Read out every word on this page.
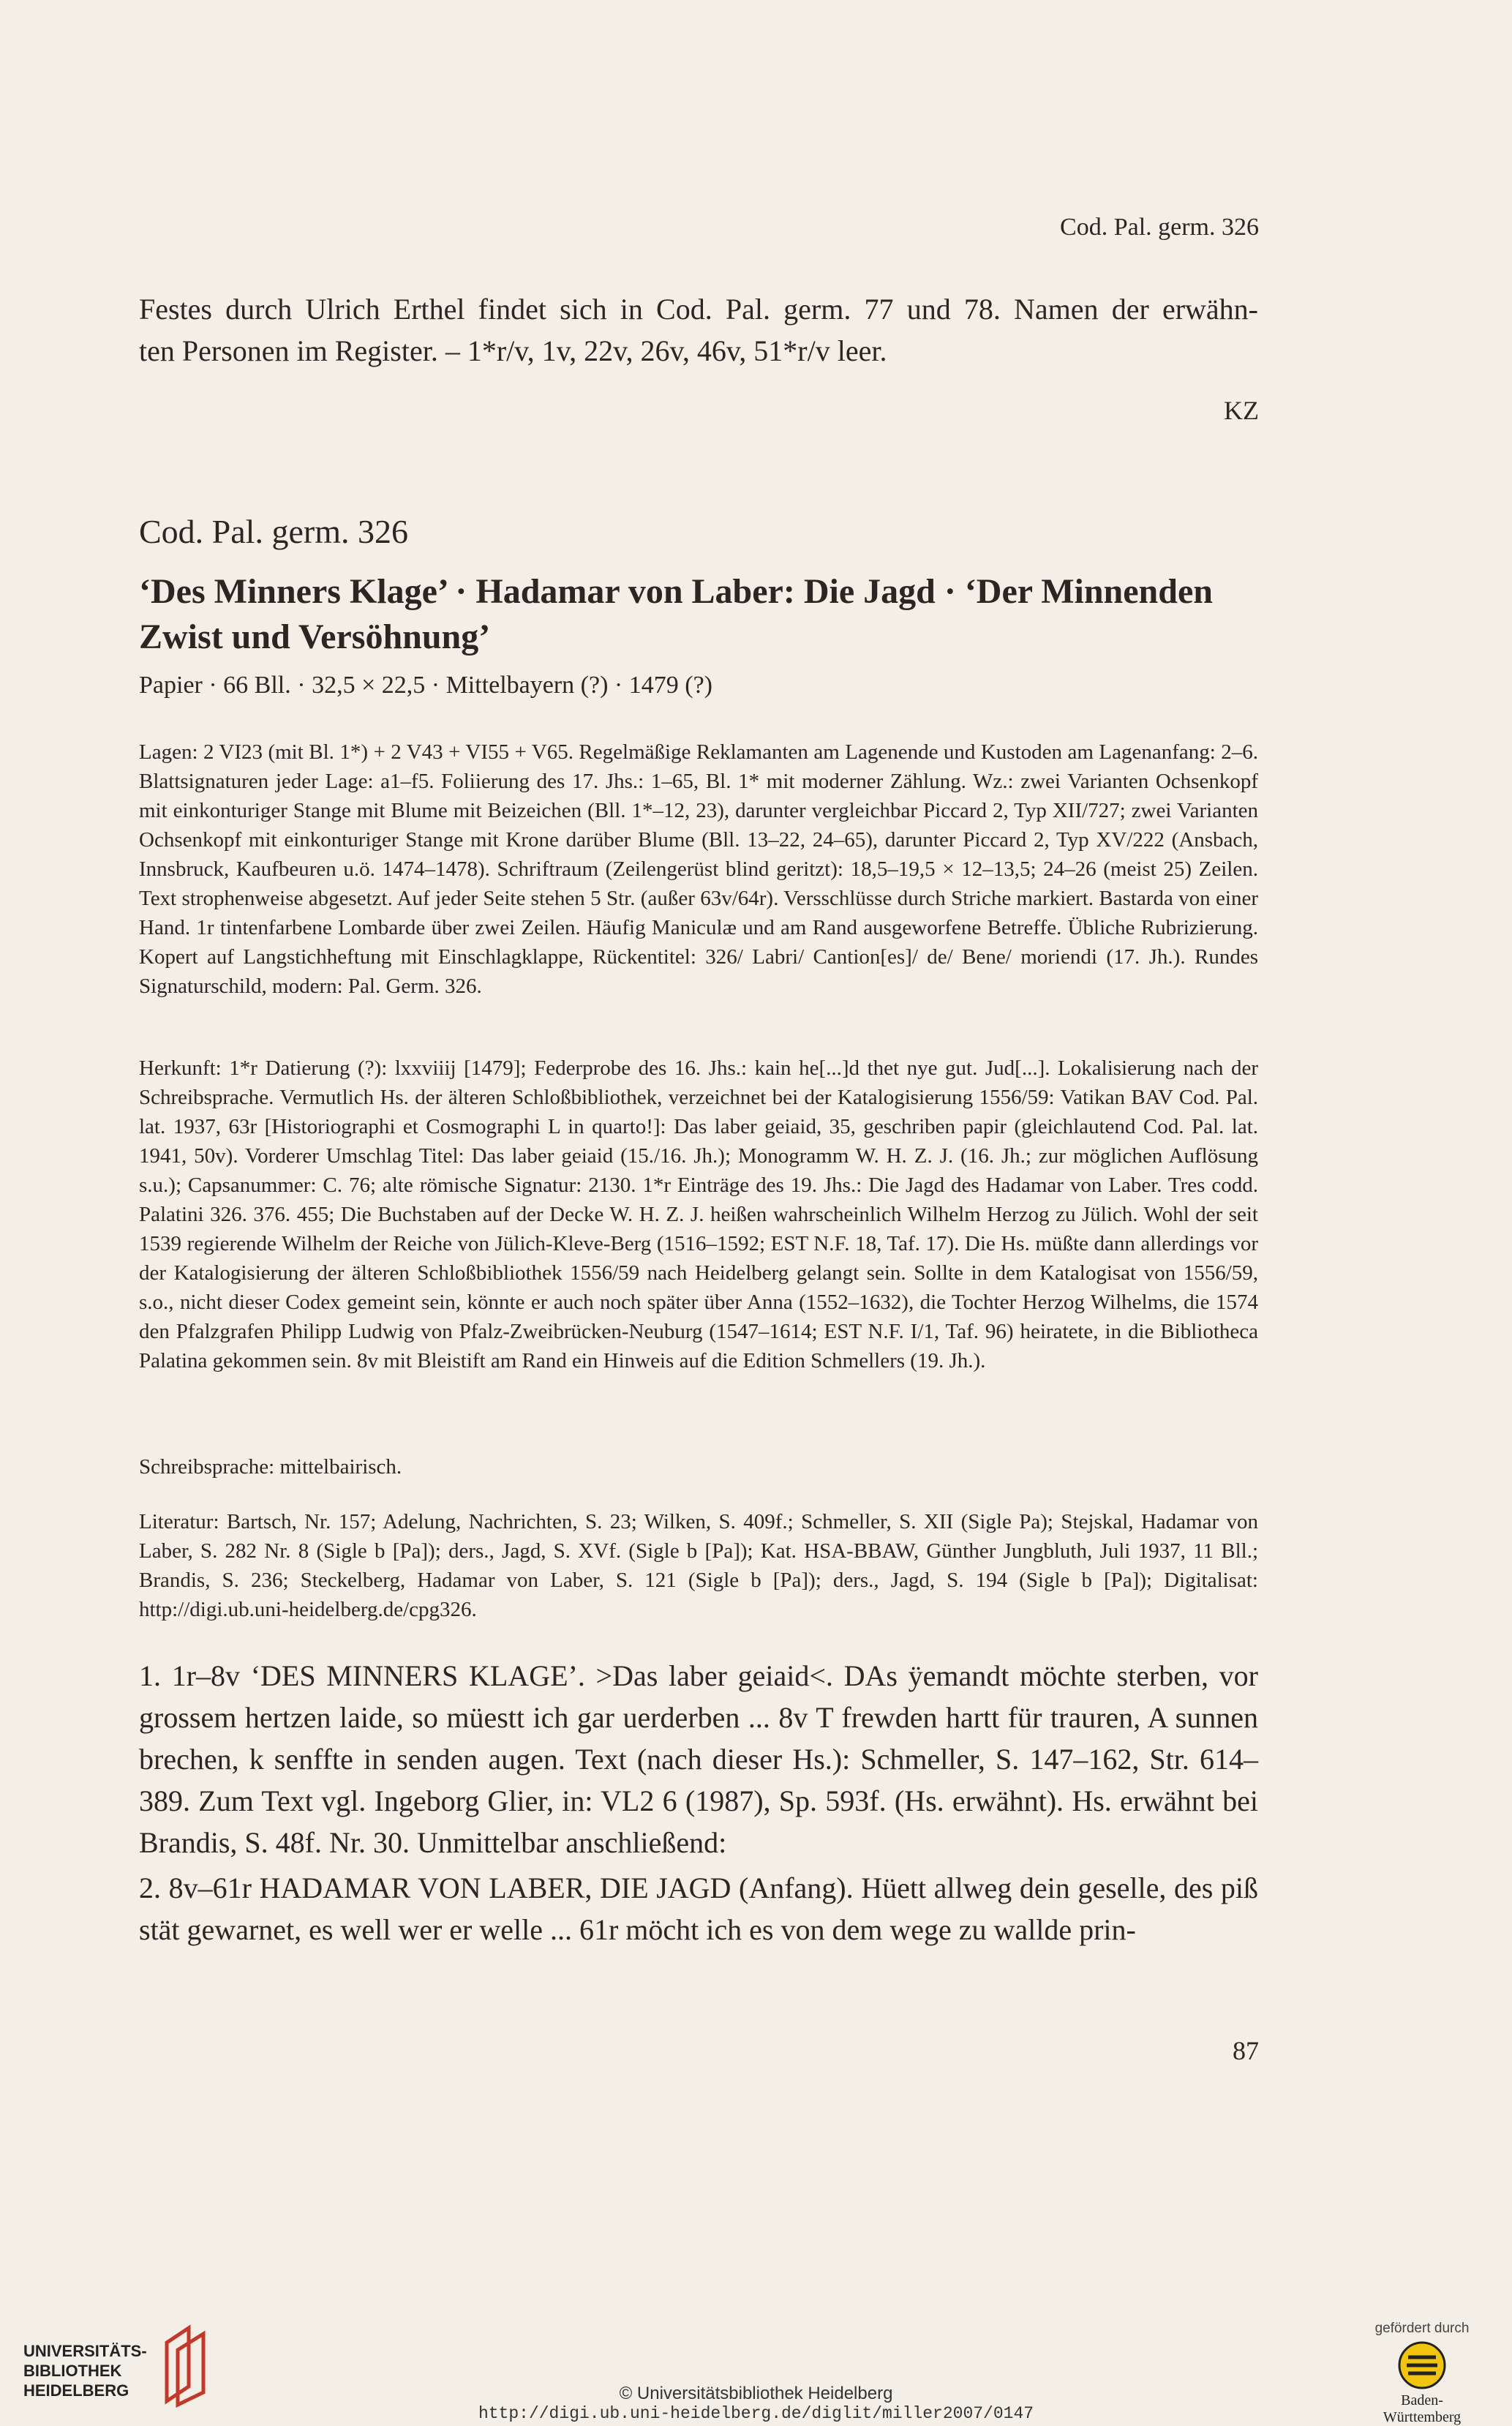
Cod. Pal. germ. 326

Festes durch Ulrich Erthel findet sich in Cod. Pal. germ. 77 und 78. Namen der erwähn-

ten Personen im Register. – 1*r/v, 1v, 22v, 26v, 46v, 51*r/v leer.

KZ
Cod. Pal. germ. 326
‘Des Minners Klage’ · Hadamar von Laber: Die Jagd · ‘Der Minnenden Zwist und Versöhnung’
Papier · 66 Bll. · 32,5 × 22,5 · Mittelbayern (?) · 1479 (?)

Lagen: 2 VI23 (mit Bl. 1*) + 2 V43 + VI55 + V65. Regelmäßige Reklamanten am Lagenende und Kustoden am Lagenanfang: 2–6. Blattsignaturen jeder Lage: a1–f5. Foliierung des 17. Jhs.: 1–65, Bl. 1* mit moderner Zählung. Wz.: zwei Varianten Ochsenkopf mit einkonturiger Stange mit Blume mit Beizeichen (Bll. 1*–12, 23), darunter vergleichbar Piccard 2, Typ XII/727; zwei Varianten Ochsenkopf mit einkonturiger Stange mit Krone darüber Blume (Bll. 13–22, 24–65), darunter Piccard 2, Typ XV/222 (Ansbach, Innsbruck, Kaufbeuren u.ö. 1474–1478). Schriftraum (Zeilengerüst blind geritzt): 18,5–19,5 × 12–13,5; 24–26 (meist 25) Zeilen. Text strophenweise abgesetzt. Auf jeder Seite stehen 5 Str. (außer 63v/64r). Versschlüsse durch Striche markiert. Bastarda von einer Hand. 1r tintenfarbene Lombarde über zwei Zeilen. Häufig Maniculæ und am Rand ausgeworfene Betreffe. Übliche Rubrizierung. Kopert auf Langstichheftung mit Einschlagklappe, Rückentitel: 326/ Labri/ Cantion[es]/ de/ Bene/ moriendi (17. Jh.). Rundes Signaturschild, modern: Pal. Germ. 326.

Herkunft: 1*r Datierung (?): lxxviiij [1479]; Federprobe des 16. Jhs.: kain he[...]d thet nye gut. Jud[...]. Lokalisierung nach der Schreibsprache. Vermutlich Hs. der älteren Schloßbibliothek, verzeichnet bei der Katalogisierung 1556/59: Vatikan BAV Cod. Pal. lat. 1937, 63r [Historiographi et Cosmographi L in quarto!]: Das laber geiaid, 35, geschriben papir (gleichlautend Cod. Pal. lat. 1941, 50v). Vorderer Umschlag Titel: Das laber geiaid (15./16. Jh.); Monogramm W. H. Z. J. (16. Jh.; zur möglichen Auflösung s.u.); Capsanummer: C. 76; alte römische Signatur: 2130. 1*r Einträge des 19. Jhs.: Die Jagd des Hadamar von Laber. Tres codd. Palatini 326. 376. 455; Die Buchstaben auf der Decke W. H. Z. J. heißen wahrscheinlich Wilhelm Herzog zu Jülich. Wohl der seit 1539 regierende Wilhelm der Reiche von Jülich-Kleve-Berg (1516–1592; EST N.F. 18, Taf. 17). Die Hs. müßte dann allerdings vor der Katalogisierung der älteren Schloßbibliothek 1556/59 nach Heidelberg gelangt sein. Sollte in dem Katalogisat von 1556/59, s.o., nicht dieser Codex gemeint sein, könnte er auch noch später über Anna (1552–1632), die Tochter Herzog Wilhelms, die 1574 den Pfalzgrafen Philipp Ludwig von Pfalz-Zweibrücken-Neuburg (1547–1614; EST N.F. I/1, Taf. 96) heiratete, in die Bibliotheca Palatina gekommen sein. 8v mit Bleistift am Rand ein Hinweis auf die Edition Schmellers (19. Jh.).

Schreibsprache: mittelbairisch.

Literatur: Bartsch, Nr. 157; Adelung, Nachrichten, S. 23; Wilken, S. 409f.; Schmeller, S. XII (Sigle Pa); Stejskal, Hadamar von Laber, S. 282 Nr. 8 (Sigle b [Pa]); ders., Jagd, S. XVf. (Sigle b [Pa]); Kat. HSA-BBAW, Günther Jungbluth, Juli 1937, 11 Bll.; Brandis, S. 236; Steckelberg, Hadamar von Laber, S. 121 (Sigle b [Pa]); ders., Jagd, S. 194 (Sigle b [Pa]); Digitalisat: http://digi.ub.uni-heidelberg.de/cpg326.

1. 1r–8v ‘DES MINNERS KLAGE’. >Das laber geiaid<. DAs ÿemandt möchte sterben, vor grossem hertzen laide, so müestt ich gar uerderben ... 8v T frewden hartt für trauren, A sunnen brechen, k senffte in senden augen. Text (nach dieser Hs.): Schmeller, S. 147–162, Str. 614–389. Zum Text vgl. Ingeborg Glier, in: VL2 6 (1987), Sp. 593f. (Hs. erwähnt). Hs. erwähnt bei Brandis, S. 48f. Nr. 30. Unmittelbar anschließend:

2. 8v–61r HADAMAR VON LABER, DIE JAGD (Anfang). Hüett allweg dein geselle, des piß stät gewarnet, es well wer er welle ... 61r möcht ich es von dem wege zu wallde prin-

87
UNIVERSITÄTS- BIBLIOTHEK HEIDELBERG	© Universitätsbibliothek Heidelberg
http://digi.ub.uni-heidelberg.de/diglit/miller2007/0147
gefördert durch
Baden-Württemberg
